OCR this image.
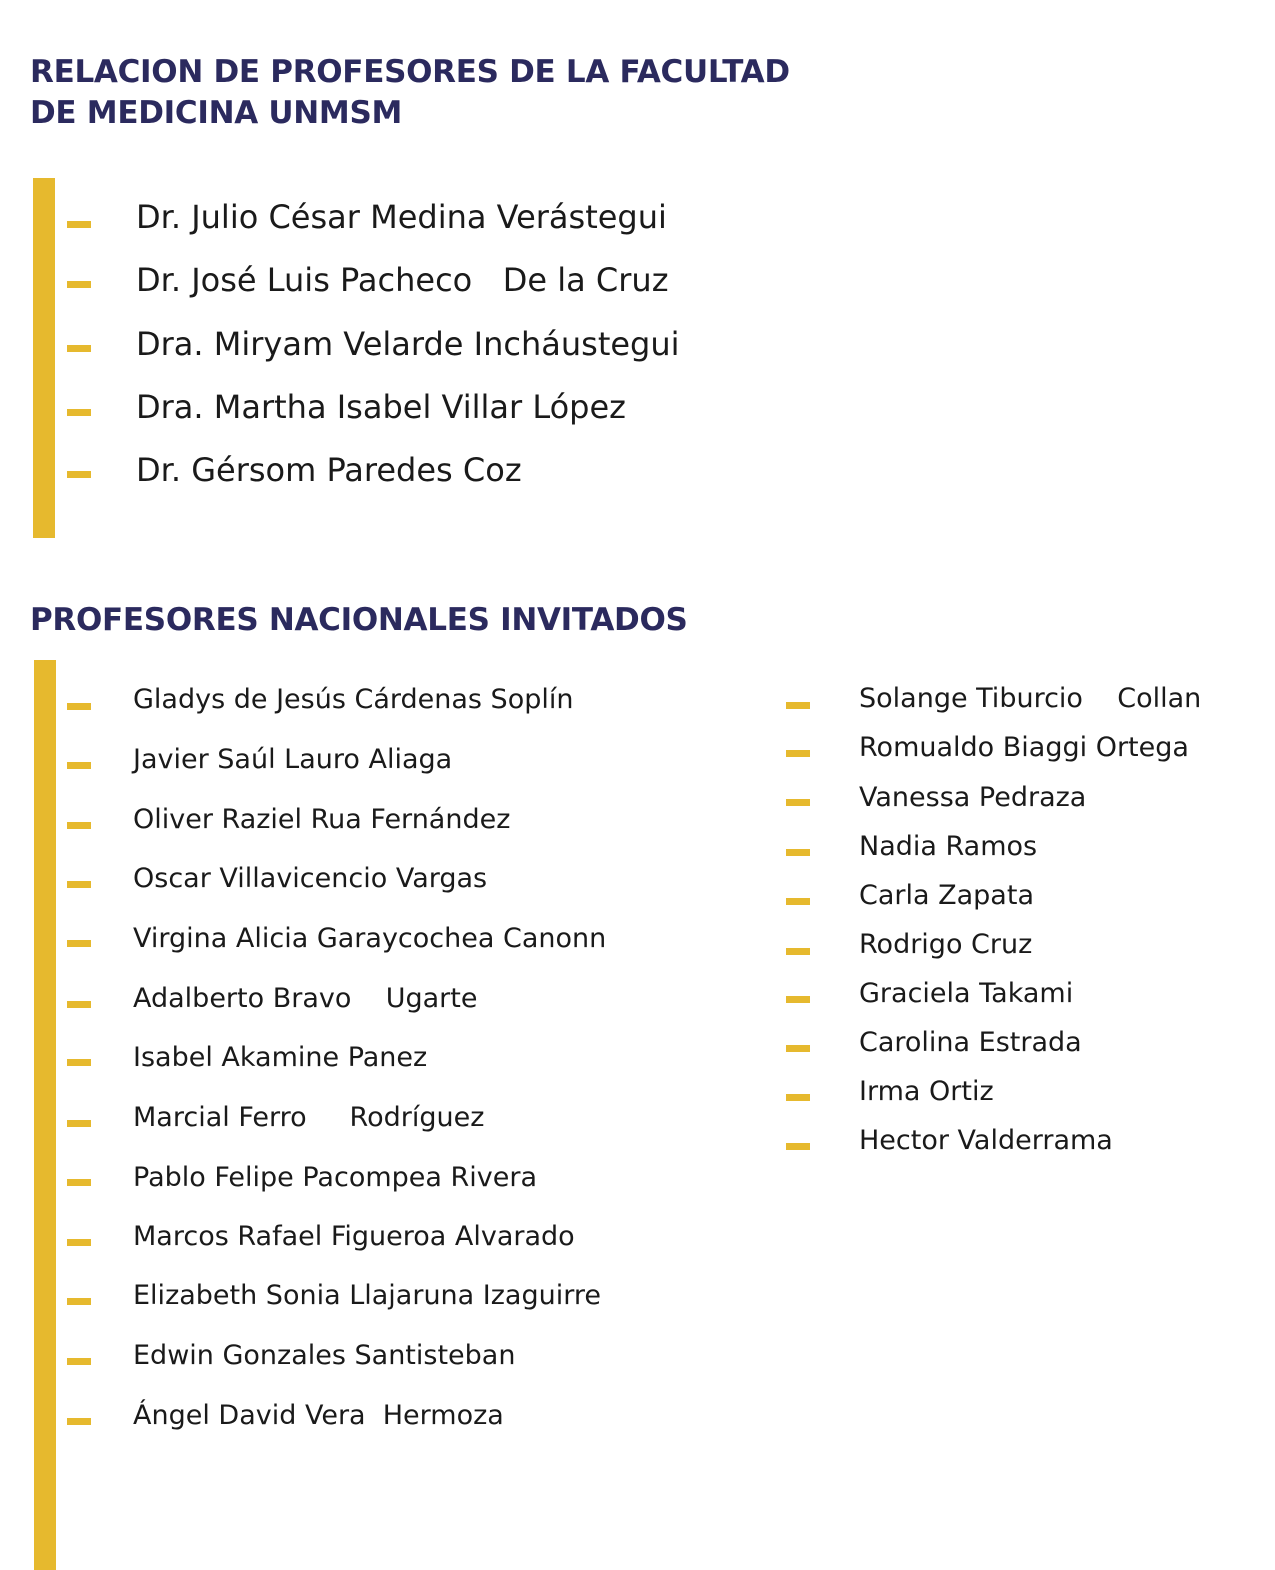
RELACION DE PROFESORES DE LA FACULTAD
DE MEDICINA UNMSM
Dr. Julio César Medina Verástegui
Dr. José Luis Pacheco   De la Cruz
Dra. Miryam Velarde Incháustegui
Dra. Martha Isabel Villar López
Dr. Gérsom Paredes Coz
PROFESORES NACIONALES INVITADOS
Gladys de Jesús Cárdenas Soplín
Javier Saúl Lauro Aliaga
Oliver Raziel Rua Fernández
Oscar Villavicencio Vargas
Virgina Alicia Garaycochea Canonn
Adalberto Bravo    Ugarte
Isabel Akamine Panez
Marcial Ferro     Rodríguez
Pablo Felipe Pacompea Rivera
Marcos Rafael Figueroa Alvarado
Elizabeth Sonia Llajaruna Izaguirre
Edwin Gonzales Santisteban
Ángel David Vera  Hermoza
Solange Tiburcio    Collan
Romualdo Biaggi Ortega
Vanessa Pedraza
Nadia Ramos
Carla Zapata
Rodrigo Cruz
Graciela Takami
Carolina Estrada
Irma Ortiz
Hector Valderrama
